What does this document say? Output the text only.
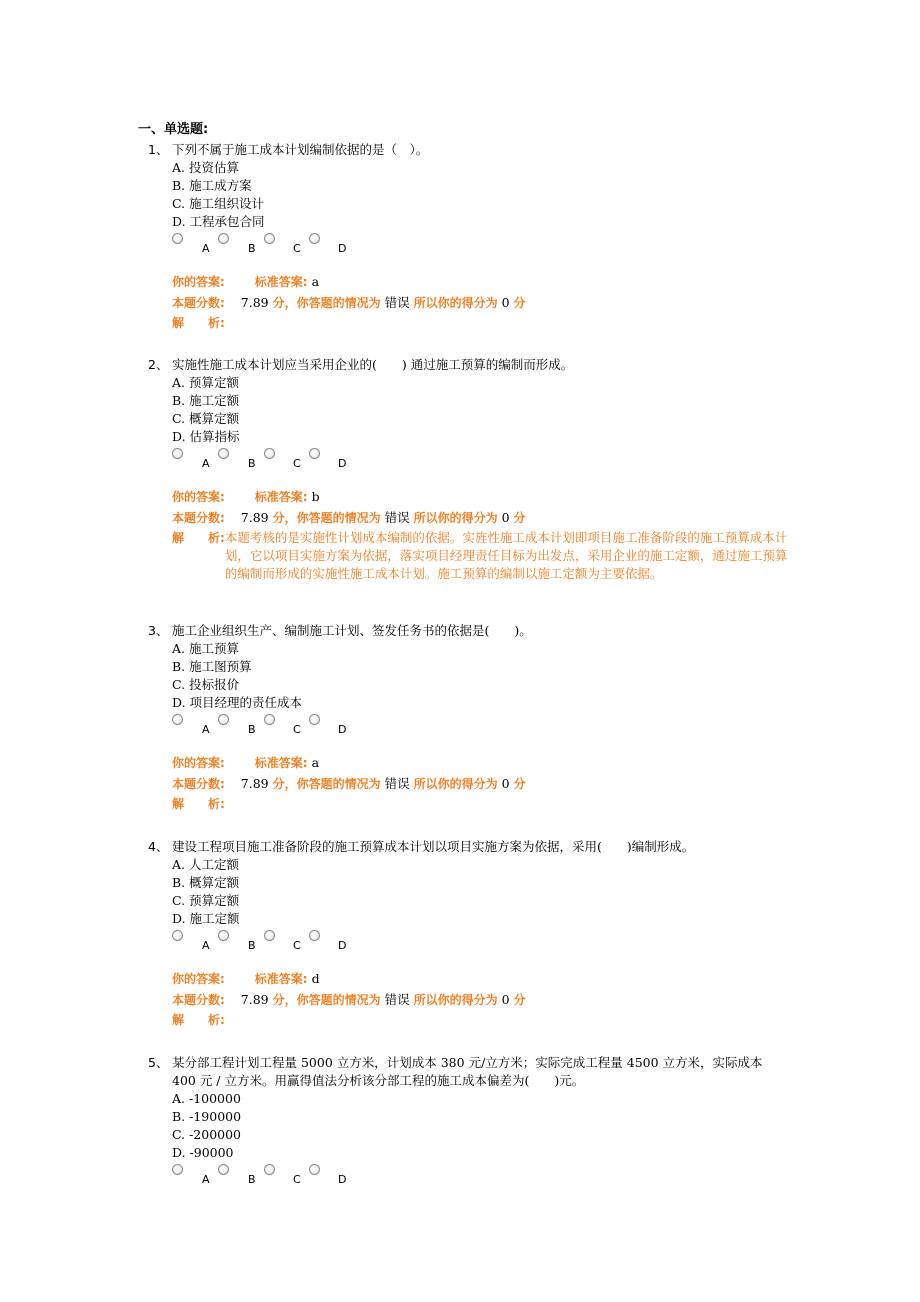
一、单选题:
1、 下列不属于施工成本计划编制依据的是（　）。
A. 投资估算
B. 施工成方案
C. 施工组织设计
D. 工程承包合同
A	B	C	D
你的答案: 标准答案: a
本题分数: 7.89 分，你答题的情况为 错误 所以你的得分为 0 分
解　　析:
2、 实施性施工成本计划应当采用企业的(　　) 通过施工预算的编制而形成。
A. 预算定额
B. 施工定额
C. 概算定额
D. 估算指标
A	B	C	D
你的答案: 标准答案: b
本题分数: 7.89 分，你答题的情况为 错误 所以你的得分为 0 分
解　　析: 本题考核的是实施性计划成本编制的依据。实旌性施工成本计划即项目施工准备阶段的施工预算成本计划，它以项目实施方案为依据，落实项目经理责任目标为出发点，采用企业的施工定额，通过施工预算的编制而形成的实施性施工成本计划。施工预算的编制以施工定额为主要依据。
3、 施工企业组织生产、编制施工计划、签发任务书的依据是(　　)。
A. 施工预算
B. 施工图预算
C. 投标报价
D. 项目经理的责任成本
A	B	C	D
你的答案: 标准答案: a
本题分数: 7.89 分，你答题的情况为 错误 所以你的得分为 0 分
解　　析:
4、 建设工程项目施工准备阶段的施工预算成本计划以项目实施方案为依据，采用(　　)编制形成。
A. 人工定额
B. 概算定额
C. 预算定额
D. 施工定额
A	B	C	D
你的答案: 标准答案: d
本题分数: 7.89 分，你答题的情况为 错误 所以你的得分为 0 分
解　　析:
5、 某分部工程计划工程量 5000 立方米，计划成本 380 元/立方米；实际完成工程量 4500 立方米，实际成本 400 元 / 立方米。用赢得值法分析该分部工程的施工成本偏差为(　　)元。
A. -100000
B. -190000
C. -200000
D. -90000
A	B	C	D
